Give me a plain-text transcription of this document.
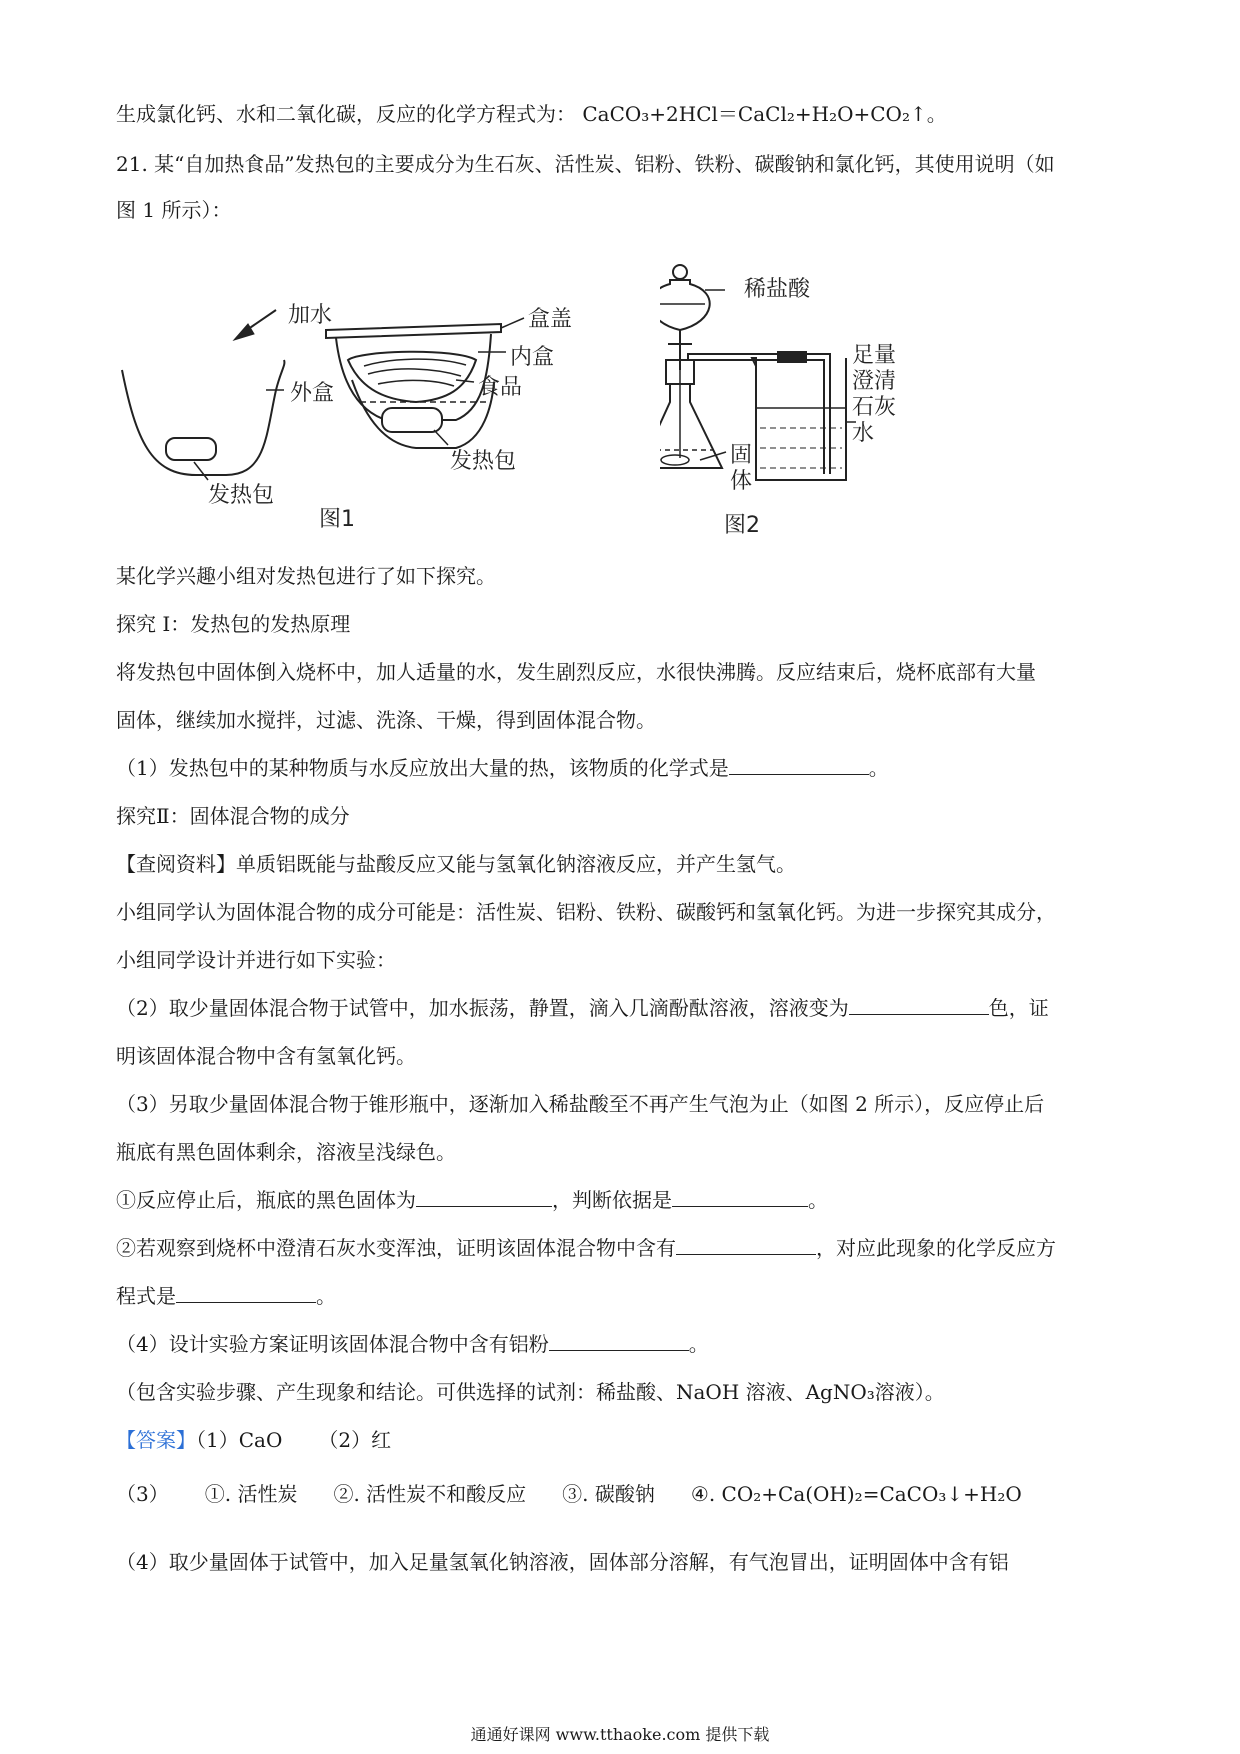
生成氯化钙、水和二氧化碳，反应的化学方程式为： CaCO₃+2HCl＝CaCl₂+H₂O+CO₂↑。
21. 某“自加热食品”发热包的主要成分为生石灰、活性炭、铝粉、铁粉、碳酸钠和氯化钙，其使用说明（如
图 1 所示）：
加水
外盒
发热包
图1
盒盖
内盒
食品
发热包
稀盐酸
足量
澄清
石灰
水
固
体
图2
某化学兴趣小组对发热包进行了如下探究。
探究 I：发热包的发热原理
将发热包中固体倒入烧杯中，加人适量的水，发生剧烈反应，水很快沸腾。反应结束后，烧杯底部有大量
固体，继续加水搅拌，过滤、洗涤、干燥，得到固体混合物。
（1）发热包中的某种物质与水反应放出大量的热，该物质的化学式是	。
探究Ⅱ：固体混合物的成分
【查阅资料】单质铝既能与盐酸反应又能与氢氧化钠溶液反应，并产生氢气。
小组同学认为固体混合物的成分可能是：活性炭、铝粉、铁粉、碳酸钙和氢氧化钙。为进一步探究其成分，
小组同学设计并进行如下实验：
（2）取少量固体混合物于试管中，加水振荡，静置，滴入几滴酚酞溶液，溶液变为	色，证
明该固体混合物中含有氢氧化钙。
（3）另取少量固体混合物于锥形瓶中，逐渐加入稀盐酸至不再产生气泡为止（如图 2 所示），反应停止后
瓶底有黑色固体剩余，溶液呈浅绿色。
①反应停止后，瓶底的黑色固体为	，判断依据是	。
②若观察到烧杯中澄清石灰水变浑浊，证明该固体混合物中含有	，对应此现象的化学反应方
程式是	。
（4）设计实验方案证明该固体混合物中含有铝粉	。
（包含实验步骤、产生现象和结论。可供选择的试剂：稀盐酸、NaOH 溶液、AgNO₃溶液）。
【答案】（1）CaO （2）红
（3） ①. 活性炭 ②. 活性炭不和酸反应 ③. 碳酸钠 ④. CO₂+Ca(OH)₂=CaCO₃↓+H₂O
（4）取少量固体于试管中，加入足量氢氧化钠溶液，固体部分溶解，有气泡冒出，证明固体中含有铝
通通好课网 www.tthaoke.com 提供下载
